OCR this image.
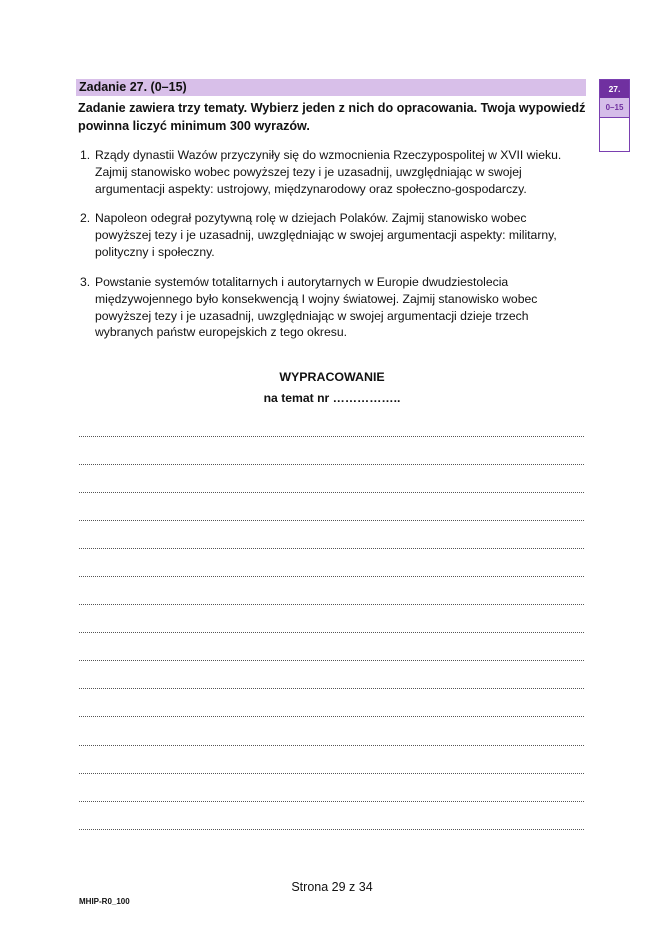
Zadanie 27. (0–15)
Zadanie zawiera trzy tematy. Wybierz jeden z nich do opracowania. Twoja wypowiedź powinna liczyć minimum 300 wyrazów.
1. Rządy dynastii Wazów przyczyniły się do wzmocnienia Rzeczypospolitej w XVII wieku. Zajmij stanowisko wobec powyższej tezy i je uzasadnij, uwzględniając w swojej argumentacji aspekty: ustrojowy, międzynarodowy oraz społeczno-gospodarczy.
2. Napoleon odegrał pozytywną rolę w dziejach Polaków. Zajmij stanowisko wobec powyższej tezy i je uzasadnij, uwzględniając w swojej argumentacji aspekty: militarny, polityczny i społeczny.
3. Powstanie systemów totalitarnych i autorytarnych w Europie dwudziestolecia międzywojennego było konsekwencją I wojny światowej. Zajmij stanowisko wobec powyższej tezy i je uzasadnij, uwzględniając w swojej argumentacji dzieje trzech wybranych państw europejskich z tego okresu.
27.
0–15
WYPRACOWANIE
na temat nr ……………..
Strona 29 z 34
MHIP-R0_100
